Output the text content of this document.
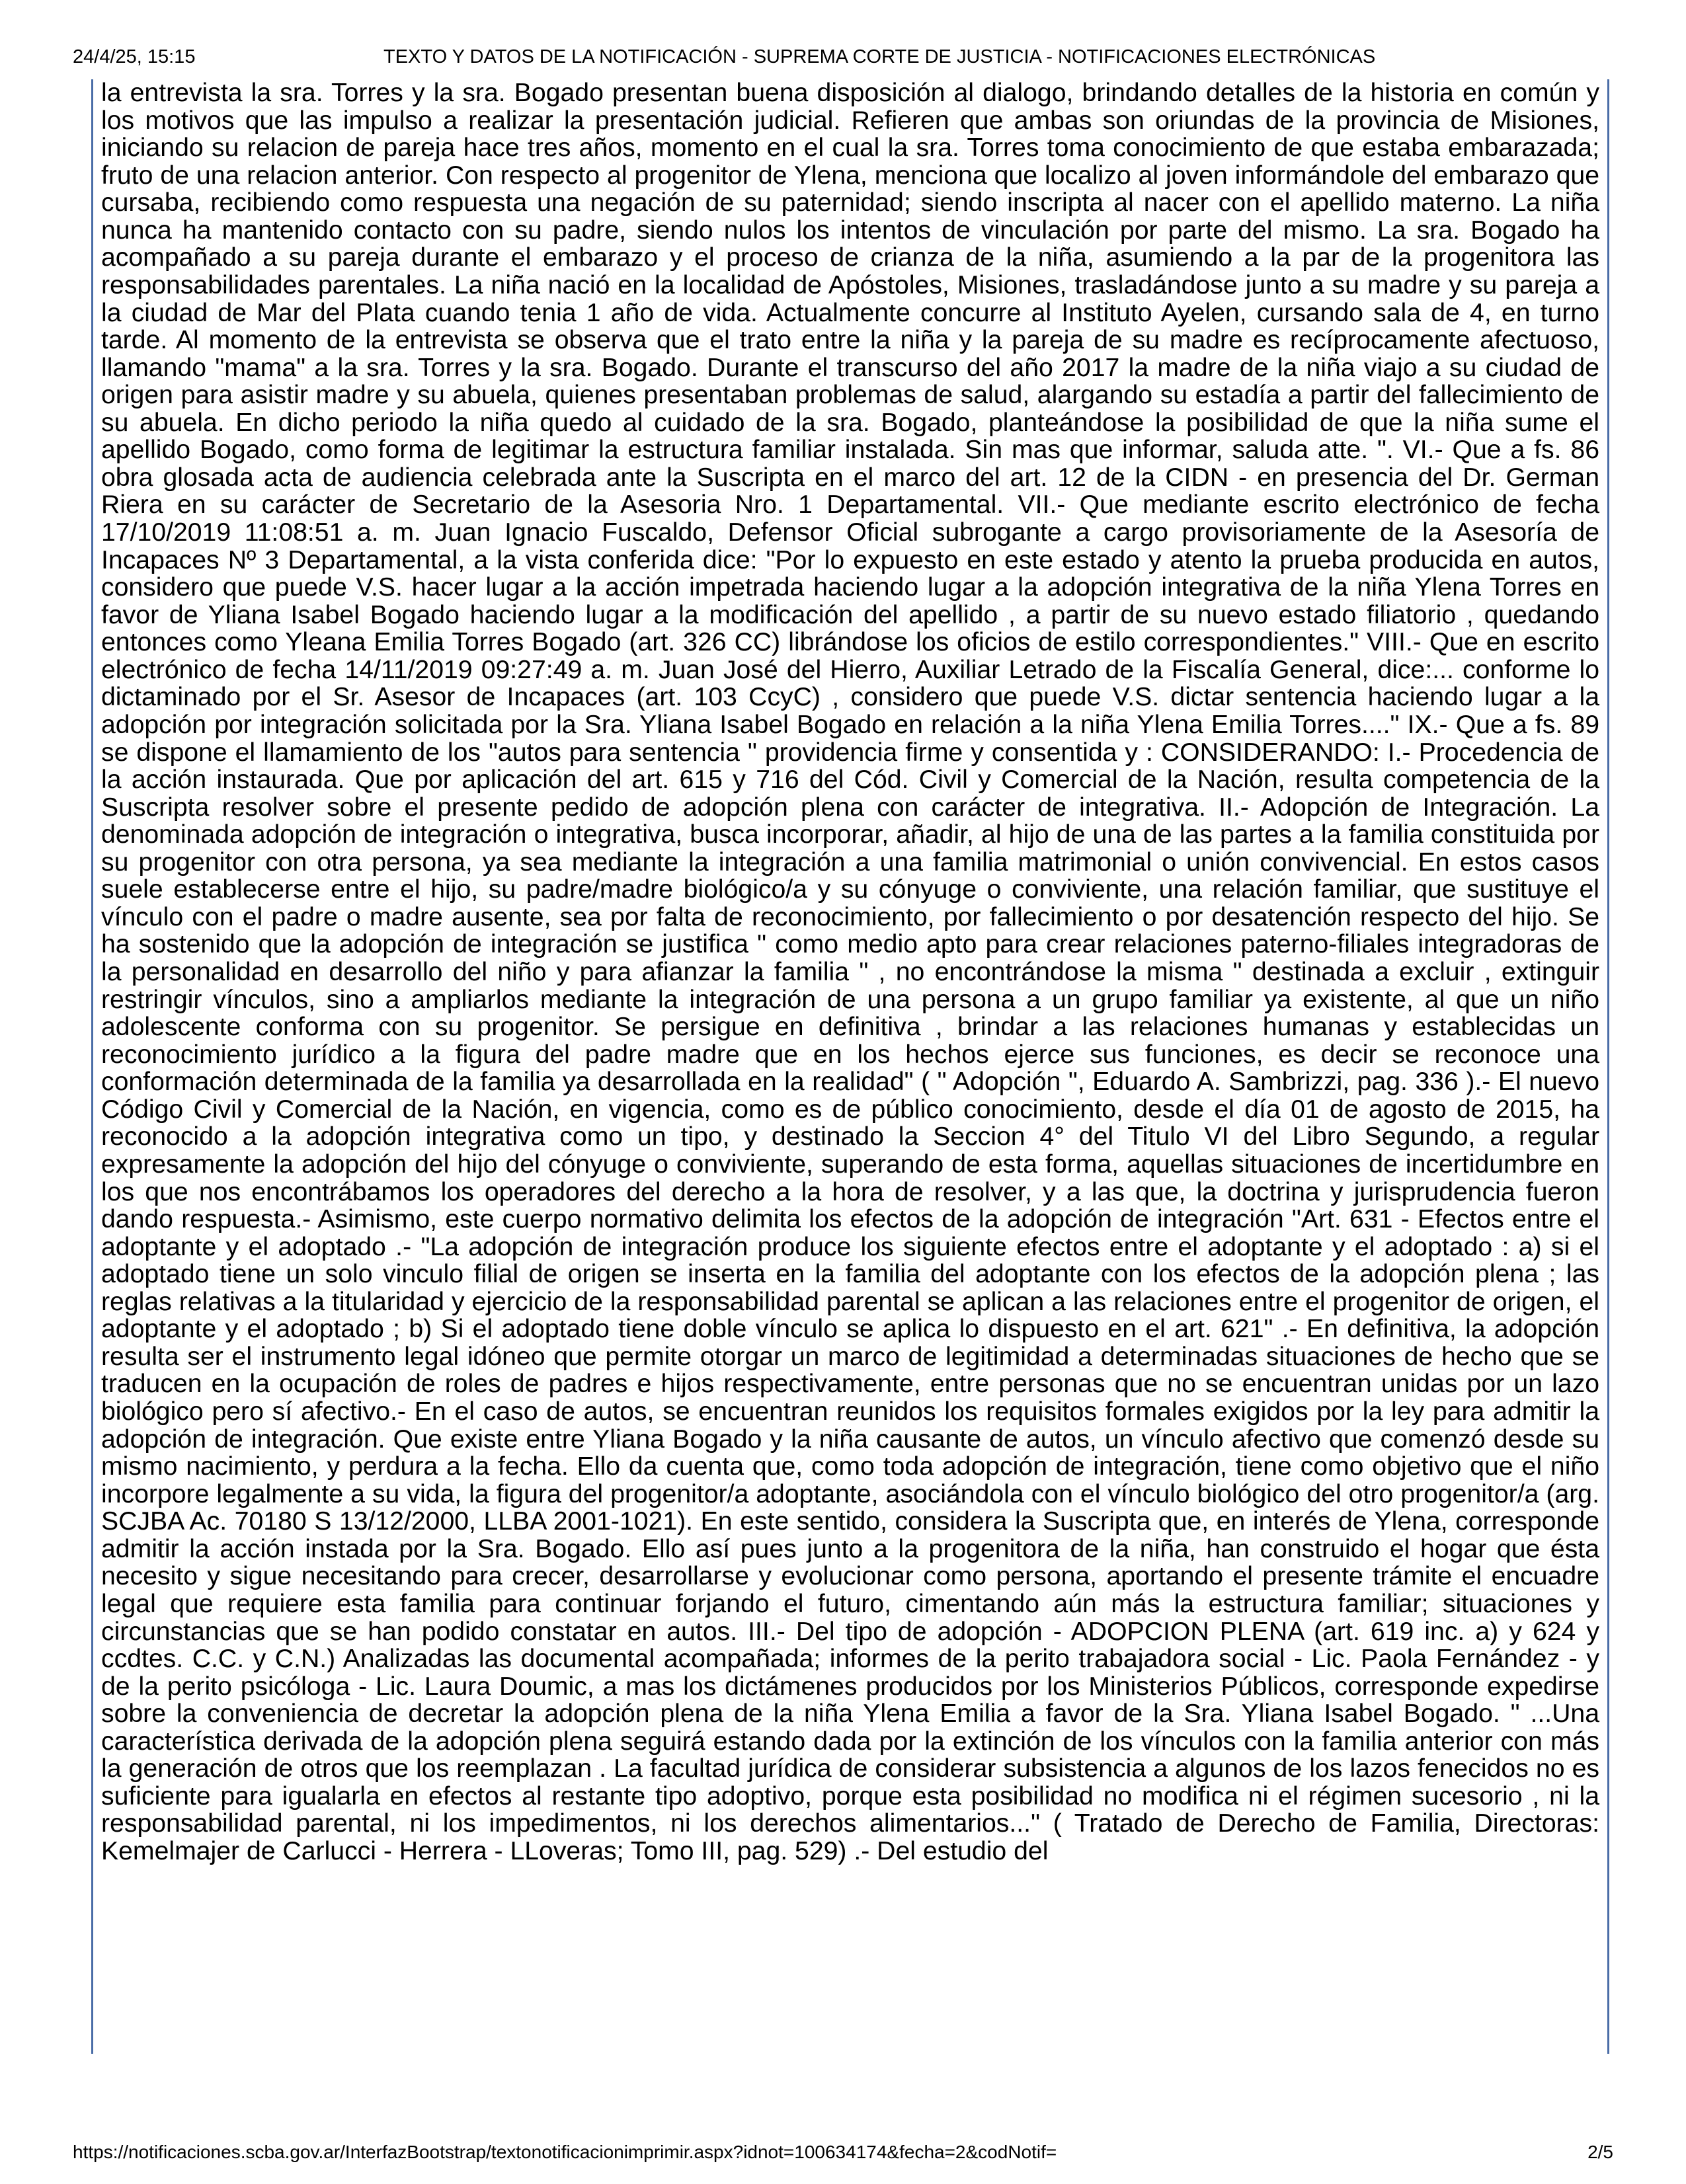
24/4/25, 15:15	TEXTO Y DATOS DE LA NOTIFICACIÓN - SUPREMA CORTE DE JUSTICIA - NOTIFICACIONES ELECTRÓNICAS

la entrevista la sra. Torres y la sra. Bogado presentan buena disposición al dialogo, brindando detalles de la historia en común y los motivos que las impulso a realizar la presentación judicial. Refieren que ambas son oriundas de la provincia de Misiones, iniciando su relacion de pareja hace tres años, momento en el cual la sra. Torres toma conocimiento de que estaba embarazada; fruto de una relacion anterior. Con respecto al progenitor de Ylena, menciona que localizo al joven informándole del embarazo que cursaba, recibiendo como respuesta una negación de su paternidad; siendo inscripta al nacer con el apellido materno. La niña nunca ha mantenido contacto con su padre, siendo nulos los intentos de vinculación por parte del mismo. La sra. Bogado ha acompañado a su pareja durante el embarazo y el proceso de crianza de la niña, asumiendo a la par de la progenitora las responsabilidades parentales. La niña nació en la localidad de Apóstoles, Misiones, trasladándose junto a su madre y su pareja a la ciudad de Mar del Plata cuando tenia 1 año de vida. Actualmente concurre al Instituto Ayelen, cursando sala de 4, en turno tarde. Al momento de la entrevista se observa que el trato entre la niña y la pareja de su madre es recíprocamente afectuoso, llamando "mama" a la sra. Torres y la sra. Bogado. Durante el transcurso del año 2017 la madre de la niña viajo a su ciudad de origen para asistir madre y su abuela, quienes presentaban problemas de salud, alargando su estadía a partir del fallecimiento de su abuela. En dicho periodo la niña quedo al cuidado de la sra. Bogado, planteándose la posibilidad de que la niña sume el apellido Bogado, como forma de legitimar la estructura familiar instalada. Sin mas que informar, saluda atte. ". VI.- Que a fs. 86 obra glosada acta de audiencia celebrada ante la Suscripta en el marco del art. 12 de la CIDN - en presencia del Dr. German Riera en su carácter de Secretario de la Asesoria Nro. 1 Departamental. VII.- Que mediante escrito electrónico de fecha 17/10/2019 11:08:51 a. m. Juan Ignacio Fuscaldo, Defensor Oficial subrogante a cargo provisoriamente de la Asesoría de Incapaces Nº 3 Departamental, a la vista conferida dice: "Por lo expuesto en este estado y atento la prueba producida en autos, considero que puede V.S. hacer lugar a la acción impetrada haciendo lugar a la adopción integrativa de la niña Ylena Torres en favor de Yliana Isabel Bogado haciendo lugar a la modificación del apellido , a partir de su nuevo estado filiatorio , quedando entonces como Yleana Emilia Torres Bogado (art. 326 CC) librándose los oficios de estilo correspondientes." VIII.- Que en escrito electrónico de fecha 14/11/2019 09:27:49 a. m. Juan José del Hierro, Auxiliar Letrado de la Fiscalía General, dice:... conforme lo dictaminado por el Sr. Asesor de Incapaces (art. 103 CcyC) , considero que puede V.S. dictar sentencia haciendo lugar a la adopción por integración solicitada por la Sra. Yliana Isabel Bogado en relación a la niña Ylena Emilia Torres...." IX.- Que a fs. 89 se dispone el llamamiento de los "autos para sentencia " providencia firme y consentida y : CONSIDERANDO: I.- Procedencia de la acción instaurada. Que por aplicación del art. 615 y 716 del Cód. Civil y Comercial de la Nación, resulta competencia de la Suscripta resolver sobre el presente pedido de adopción plena con carácter de integrativa. II.- Adopción de Integración. La denominada adopción de integración o integrativa, busca incorporar, añadir, al hijo de una de las partes a la familia constituida por su progenitor con otra persona, ya sea mediante la integración a una familia matrimonial o unión convivencial. En estos casos suele establecerse entre el hijo, su padre/madre biológico/a y su cónyuge o conviviente, una relación familiar, que sustituye el vínculo con el padre o madre ausente, sea por falta de reconocimiento, por fallecimiento o por desatención respecto del hijo. Se ha sostenido que la adopción de integración se justifica " como medio apto para crear relaciones paterno-filiales integradoras de la personalidad en desarrollo del niño y para afianzar la familia " , no encontrándose la misma " destinada a excluir , extinguir restringir vínculos, sino a ampliarlos mediante la integración de una persona a un grupo familiar ya existente, al que un niño adolescente conforma con su progenitor. Se persigue en definitiva , brindar a las relaciones humanas y establecidas un reconocimiento jurídico a la figura del padre madre que en los hechos ejerce sus funciones, es decir se reconoce una conformación determinada de la familia ya desarrollada en la realidad" ( " Adopción ", Eduardo A. Sambrizzi, pag. 336 ).- El nuevo Código Civil y Comercial de la Nación, en vigencia, como es de público conocimiento, desde el día 01 de agosto de 2015, ha reconocido a la adopción integrativa como un tipo, y destinado la Seccion 4° del Titulo VI del Libro Segundo, a regular expresamente la adopción del hijo del cónyuge o conviviente, superando de esta forma, aquellas situaciones de incertidumbre en los que nos encontrábamos los operadores del derecho a la hora de resolver, y a las que, la doctrina y jurisprudencia fueron dando respuesta.- Asimismo, este cuerpo normativo delimita los efectos de la adopción de integración "Art. 631 - Efectos entre el adoptante y el adoptado .- "La adopción de integración produce los siguiente efectos entre el adoptante y el adoptado : a) si el adoptado tiene un solo vinculo filial de origen se inserta en la familia del adoptante con los efectos de la adopción plena ; las reglas relativas a la titularidad y ejercicio de la responsabilidad parental se aplican a las relaciones entre el progenitor de origen, el adoptante y el adoptado ; b) Si el adoptado tiene doble vínculo se aplica lo dispuesto en el art. 621" .- En definitiva, la adopción resulta ser el instrumento legal idóneo que permite otorgar un marco de legitimidad a determinadas situaciones de hecho que se traducen en la ocupación de roles de padres e hijos respectivamente, entre personas que no se encuentran unidas por un lazo biológico pero sí afectivo.- En el caso de autos, se encuentran reunidos los requisitos formales exigidos por la ley para admitir la adopción de integración. Que existe entre Yliana Bogado y la niña causante de autos, un vínculo afectivo que comenzó desde su mismo nacimiento, y perdura a la fecha. Ello da cuenta que, como toda adopción de integración, tiene como objetivo que el niño incorpore legalmente a su vida, la figura del progenitor/a adoptante, asociándola con el vínculo biológico del otro progenitor/a (arg. SCJBA Ac. 70180 S 13/12/2000, LLBA 2001-1021). En este sentido, considera la Suscripta que, en interés de Ylena, corresponde admitir la acción instada por la Sra. Bogado. Ello así pues junto a la progenitora de la niña, han construido el hogar que ésta necesito y sigue necesitando para crecer, desarrollarse y evolucionar como persona, aportando el presente trámite el encuadre legal que requiere esta familia para continuar forjando el futuro, cimentando aún más la estructura familiar; situaciones y circunstancias que se han podido constatar en autos. III.- Del tipo de adopción - ADOPCION PLENA (art. 619 inc. a) y 624 y ccdtes. C.C. y C.N.) Analizadas las documental acompañada; informes de la perito trabajadora social - Lic. Paola Fernández - y de la perito psicóloga - Lic. Laura Doumic, a mas los dictámenes producidos por los Ministerios Públicos, corresponde expedirse sobre la conveniencia de decretar la adopción plena de la niña Ylena Emilia a favor de la Sra. Yliana Isabel Bogado. " ...Una característica derivada de la adopción plena seguirá estando dada por la extinción de los vínculos con la familia anterior con más la generación de otros que los reemplazan . La facultad jurídica de considerar subsistencia a algunos de los lazos fenecidos no es suficiente para igualarla en efectos al restante tipo adoptivo, porque esta posibilidad no modifica ni el régimen sucesorio , ni la responsabilidad parental, ni los impedimentos, ni los derechos alimentarios..." ( Tratado de Derecho de Familia, Directoras: Kemelmajer de Carlucci - Herrera - LLoveras; Tomo III, pag. 529) .- Del estudio del

https://notificaciones.scba.gov.ar/InterfazBootstrap/textonotificacionimprimir.aspx?idnot=100634174&fecha=2&codNotif=	2/5
